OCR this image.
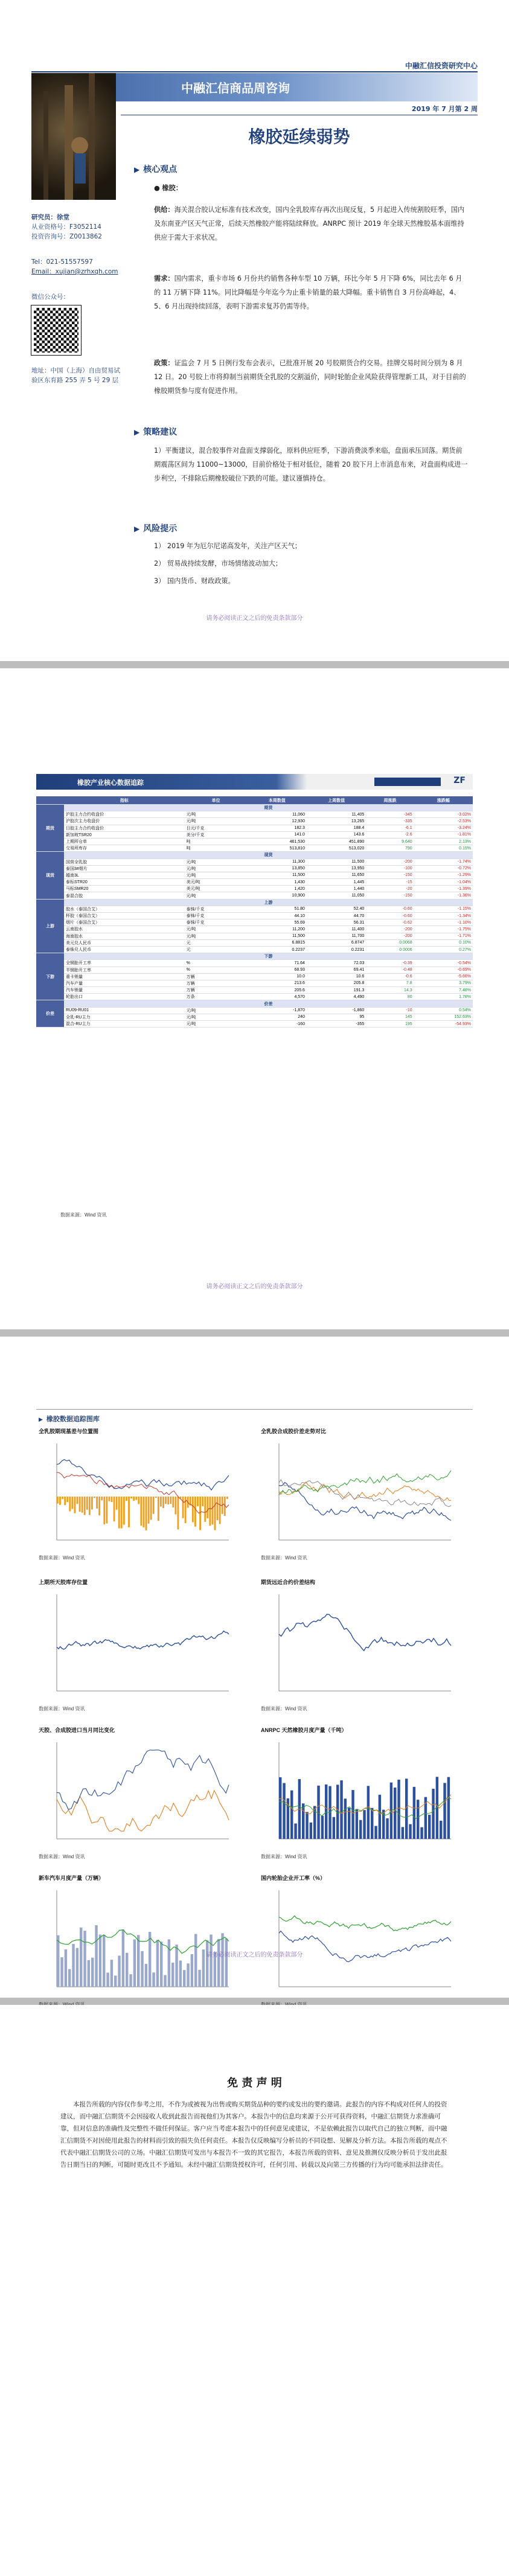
中融汇信投资研究中心
中融汇信商品周咨询
2019 年 7 月第 2 周
橡胶延续弱势
研究员：徐堂
从业资格号：F3052114
投资咨询号：Z0013862
Tel：021-51557597
Email：xujian@zrhxqh.com
微信公众号：
地址：中国（上海）自由贸易试验区东育路 255 弄 5 号 29 层
▶ 核心观点
● 橡胶：
供给：海关混合胶认定标准有技术改变，国内全乳胶库存再次出现反复，5 月起进入传统割胶旺季，国内及东南亚产区天气正常，后续天然橡胶产能将陆续释放。ANRPC 预计 2019 年全球天然橡胶基本面维持供应于需大于求状况。
需求：国内需求，重卡市场 6 月份共约销售各种车型 10 万辆，环比今年 5 月下降 6%，同比去年 6 月的 11 万辆下降 11%。同比降幅是今年迄今为止重卡销量的最大降幅。重卡销售自 3 月份高峰起，4、5、6 月出现持续回落，表明下游需求复苏仍需等待。
政策：证监会 7 月 5 日例行发布会表示，已批准开展 20 号胶期货合约交易。挂牌交易时间分别为 8 月 12 日。20 号胶上市将抑制当前期货全乳胶的交割溢价，同时轮胎企业风险获得管理新工具，对于目前的橡胶期货参与度有促进作用。
▶ 策略建议
1）平衡建议，混合胶事件对盘面支撑弱化，原料供应旺季，下游消费淡季来临，盘面承压回落。期货前期震荡区间为 11000~13000，目前价格处于相对低位，随着 20 胶下月上市消息布来，对盘面构成进一步利空，不排除后期橡胶破位下跌的可能。建议谨慎持仓。
▶ 风险提示
1） 2019 年为厄尔尼诺高发年，关注产区天气；
2） 贸易战持续发酵，市场情绪波动加大；
3） 国内货币、财政政策。
请务必阅读正文之后的免责条款部分
橡胶产业核心数据追踪	ZF
	指标	单位	本周数值	上周数值	周涨跌	涨跌幅
期货	期货					
	沪胶主力合约收盘价	元/吨	11,060	11,405	-345	-3.02%
	沪胶次主力收盘价	元/吨	12,930	13,265	-335	-2.53%
	日胶主力合约收盘价	日元/千克	182.3	188.4	-6.1	-3.24%
	新加坡TSR20	美分/千克	141.0	143.6	-2.6	-1.81%
	上期所仓单	吨	461,530	451,890	9,640	2.13%
	交易所库存	吨	513,810	513,020	790	0.15%
现货	现货					
	国营全乳胶	元/吨	11,300	11,500	-200	-1.74%
	泰国3#烟片	元/吨	13,850	13,950	-100	-0.72%
	越南3L	元/吨	11,500	11,650	-150	-1.29%
	泰标STR20	美元/吨	1,430	1,445	-15	-1.04%
	马标SMR20	美元/吨	1,420	1,440	-20	-1.39%
	泰混合胶	元/吨	10,900	11,050	-150	-1.36%
上游	上游					
	胶水（泰国合艾）	泰铢/千克	51.80	52.40	-0.60	-1.15%
	杯胶（泰国合艾）	泰铢/千克	44.10	44.70	-0.60	-1.34%
	烟片（泰国合艾）	泰铢/千克	55.69	56.31	-0.62	-1.10%
	云南胶水	元/吨	11,200	11,400	-200	-1.75%
	海南胶水	元/吨	11,500	11,700	-200	-1.71%
	美元兑人民币	元	6.8815	6.8747	0.0068	0.10%
	泰铢兑人民币	元	0.2237	0.2231	0.0006	0.27%
下游	下游					
	全钢胎开工率	%	71.64	72.03	-0.39	-0.54%
	半钢胎开工率	%	68.93	69.41	-0.48	-0.69%
	重卡销量	万辆	10.0	10.6	-0.6	-5.66%
	汽车产量	万辆	213.6	205.8	7.8	3.79%
	汽车销量	万辆	205.6	191.3	14.3	7.48%
	轮胎出口	万条	4,570	4,490	80	1.78%
价差	价差					
	RU09-RU01	元/吨	-1,870	-1,860	-10	0.54%
	全乳-RU主力	元/吨	240	95	145	152.63%
	混合-RU主力	元/吨	-160	-355	195	-54.93%
数据来源：Wind 资讯
请务必阅读正文之后的免责条款部分
▶ 橡胶数据追踪图库
全乳胶期现基差与位置图
数据来源：Wind 资讯
全乳胶合成胶价差走势对比
数据来源：Wind 资讯
上期所天胶库存位置
数据来源：Wind 资讯
期货远近合约价差结构
数据来源：Wind 资讯
天胶、合成胶进口当月同比变化
数据来源：Wind 资讯
ANRPC 天然橡胶月度产量（千吨）
数据来源：Wind 资讯
新车汽车月度产量（万辆）	国内轮胎企业开工率（%）
请务必阅读正文之后的免责条款部分
免 责 声 明
本报告所载的内容仅作参考之用，不作为或被视为出售或购买期货品种的要约或发出的要约邀请。此报告的内容不构成对任何人的投资建议，而中融汇信期货不会因接收人收到此报告而视他们为其客户。本报告中的信息均来源于公开可获得资料，中融汇信期货力求准确可靠，但对信息的准确性及完整性不做任何保证。客户应当考虑本报告中的任何意见或建议，不是依赖此报告以取代自己的独立判断，而中融汇信期货不对因使用此报告的材料而引致的损失负任何责任。本报告仅反映编写分析员的不同设想、见解及分析方法。本报告所载的观点不代表中融汇信期货公司的立场。中融汇信期货可发出与本报告不一致的其它报告，本报告所载的资料、意见及推测仅反映分析员于发出此报告日期当日的判断，可随时更改且不予通知。未经中融汇信期货授权许可，任何引用、转载以及向第三方传播的行为均可能承担法律责任。
